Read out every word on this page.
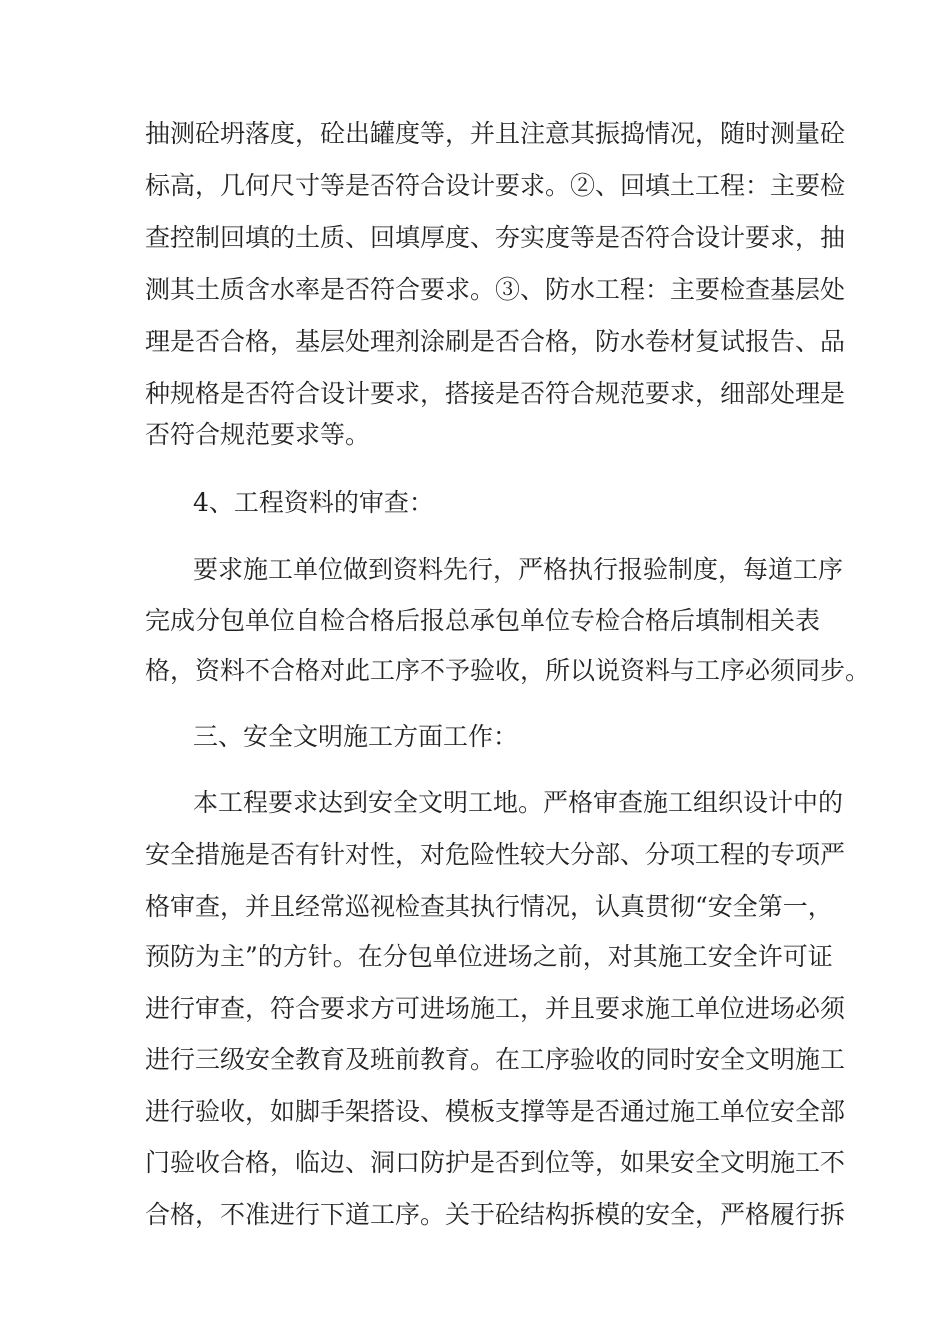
抽测砼坍落度，砼出罐度等，并且注意其振捣情况，随时测量砼

标高，几何尺寸等是否符合设计要求。②、回填土工程：主要检

查控制回填的土质、回填厚度、夯实度等是否符合设计要求，抽

测其土质含水率是否符合要求。③、防水工程：主要检查基层处

理是否合格，基层处理剂涂刷是否合格，防水卷材复试报告、品

种规格是否符合设计要求，搭接是否符合规范要求，细部处理是

否符合规范要求等。

4、工程资料的审查：

要求施工单位做到资料先行，严格执行报验制度，每道工序

完成分包单位自检合格后报总承包单位专检合格后填制相关表

格，资料不合格对此工序不予验收，所以说资料与工序必须同步。

三、安全文明施工方面工作：

本工程要求达到安全文明工地。严格审查施工组织设计中的

安全措施是否有针对性，对危险性较大分部、分项工程的专项严

格审查，并且经常巡视检查其执行情况，认真贯彻“安全第一，

预防为主”的方针。在分包单位进场之前，对其施工安全许可证

进行审查，符合要求方可进场施工，并且要求施工单位进场必须

进行三级安全教育及班前教育。在工序验收的同时安全文明施工

进行验收，如脚手架搭设、模板支撑等是否通过施工单位安全部

门验收合格，临边、洞口防护是否到位等，如果安全文明施工不

合格，不准进行下道工序。关于砼结构拆模的安全，严格履行拆
